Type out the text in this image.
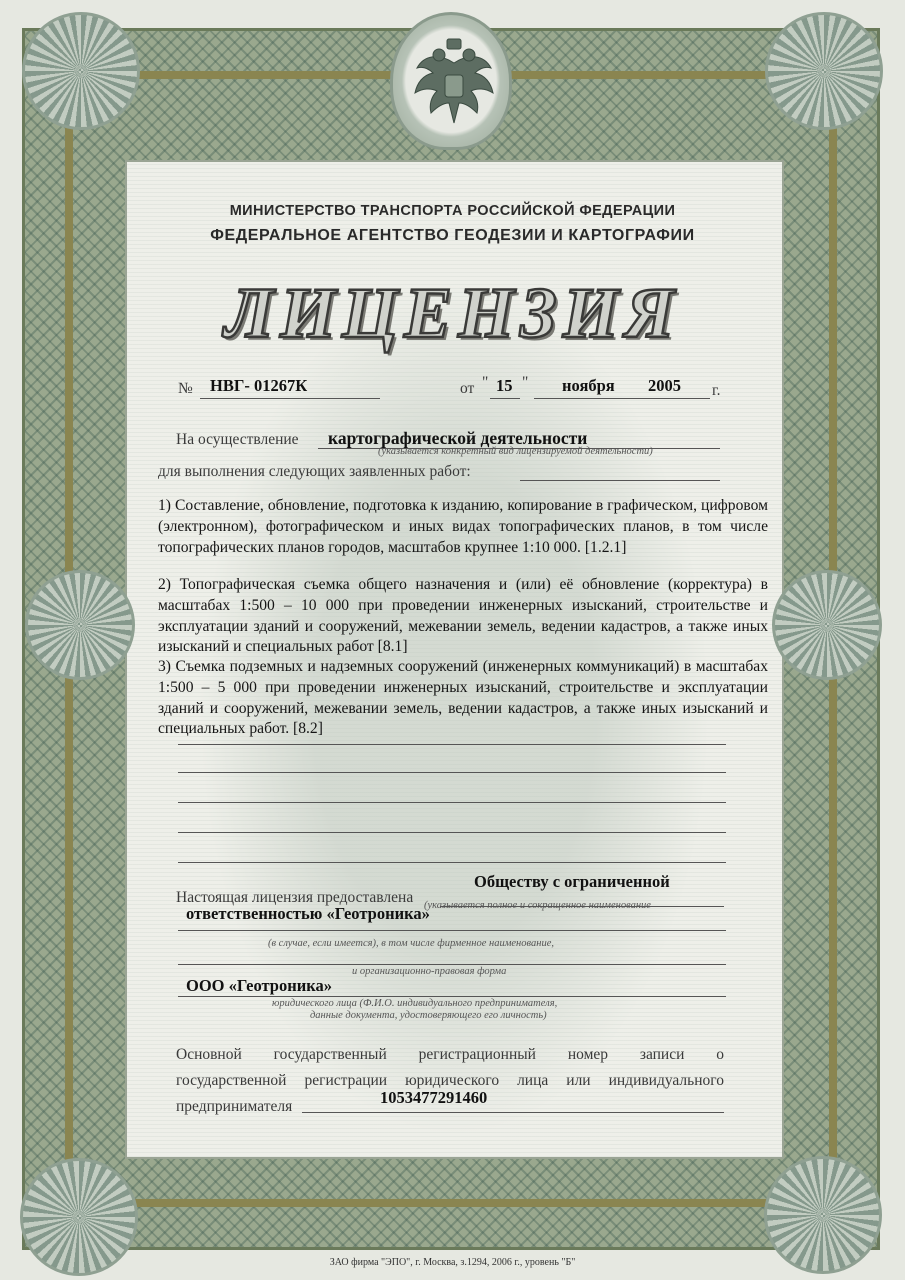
МИНИСТЕРСТВО ТРАНСПОРТА РОССИЙСКОЙ ФЕДЕРАЦИИ
ФЕДЕРАЛЬНОЕ АГЕНТСТВО ГЕОДЕЗИИ И КАРТОГРАФИИ
ЛИЦЕНЗИЯ
№ НВГ- 01267К	от " 15 " ноября 2005 г.
На осуществление картографической деятельности
(указывается конкретный вид лицензируемой деятельности)
для выполнения следующих заявленных работ:

1) Составление, обновление, подготовка к изданию, копирование в графическом, цифровом (электронном), фотографическом и иных видах топографических планов, в том числе топографических планов городов, масштабов крупнее 1:10 000. [1.2.1]

2) Топографическая съемка общего назначения и (или) её обновление (корректура) в масштабах 1:500 – 10 000 при проведении инженерных изысканий, строительстве и эксплуатации зданий и сооружений, межевании земель, ведении кадастров, а также иных изысканий и специальных работ [8.1]

3) Съемка подземных и надземных сооружений (инженерных коммуникаций) в масштабах 1:500 – 5 000 при проведении инженерных изысканий, строительстве и эксплуатации зданий и сооружений, межевании земель, ведении кадастров, а также иных изысканий и специальных работ. [8.2]

Настоящая лицензия предоставлена
Обществу с ограниченной
ответственностью «Геотроника»
(указывается полное и сокращенное наименование
(в случае, если имеется), в том числе фирменное наименование,
и организационно-правовая форма
ООО «Геотроника»
юридического лица (Ф.И.О. индивидуального предпринимателя,
данные документа, удостоверяющего его личность)
Основной государственный регистрационный номер записи о
государственной регистрации юридического лица или индивидуального
предпринимателя	1053477291460
ЗАО фирма "ЭПО", г. Москва, з.1294, 2006 г., уровень "Б"
